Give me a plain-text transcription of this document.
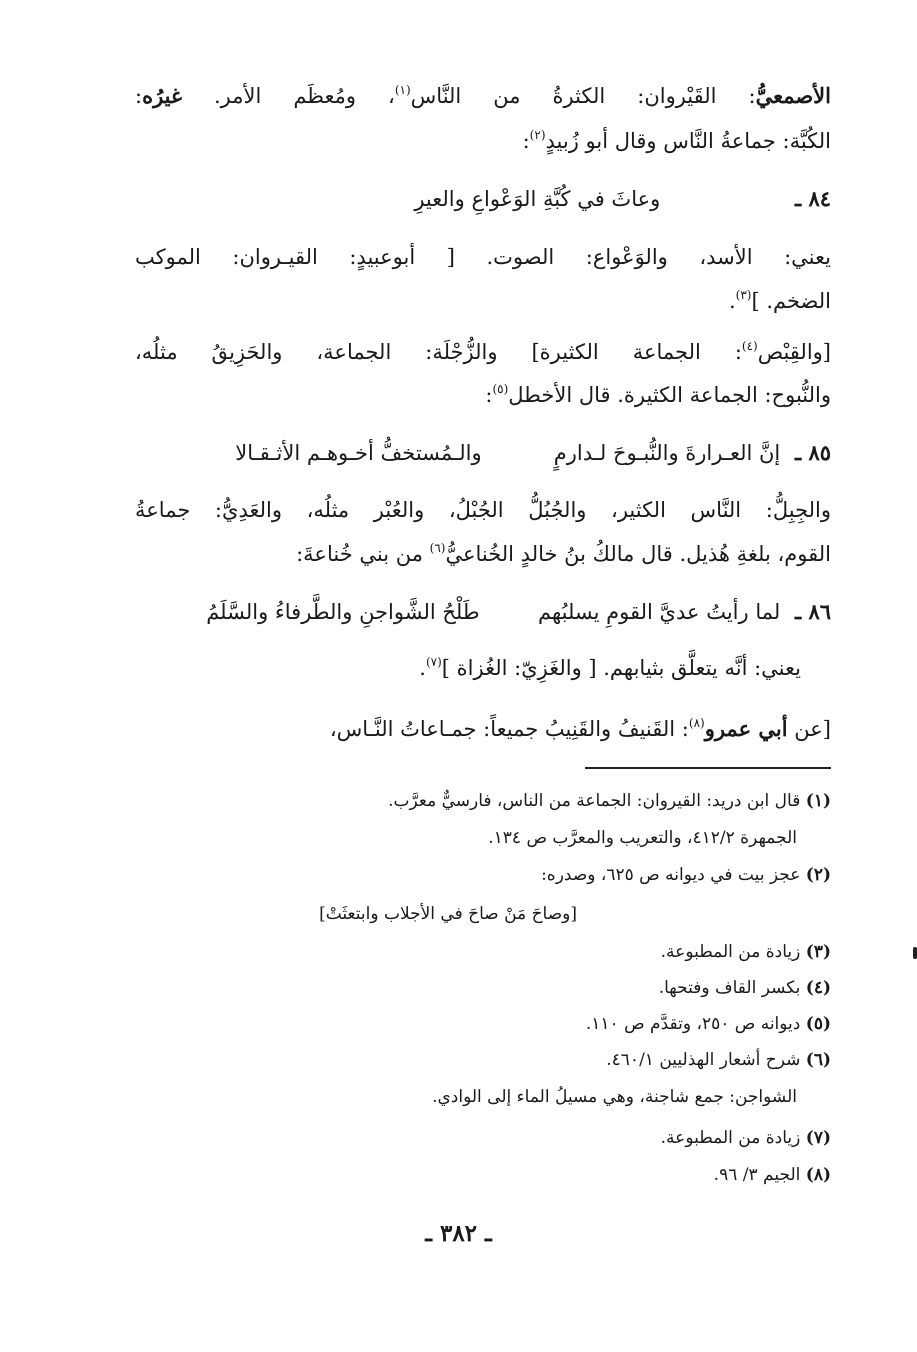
الأصمعيُّ: القَيْروان: الكثرةُ من النَّاس$^{(١)}$، ومُعظَم الأمر. غيرُه:
الكُبَّة: جماعةُ النَّاس وقال أبو زُبيدٍ$^{(٢)}$:
٨٤ ـ وعاثَ في كُبَّةِ الوَعْواعِ والعيرِ
يعني: الأسد، والوَعْواع: الصوت. [ أبوعبيدٍ: القيـروان: الموكب
الضخم. ]$^{(٣)}$.
[والقِبْص$^{(٤)}$: الجماعة الكثيرة] والزُّجْلَة: الجماعة، والحَزِيقُ مثلُه،
والنُّبوح: الجماعة الكثيرة. قال الأخطل$^{(٥)}$:
٨٥ ـ إنَّ العـرارةَ والنُّبـوحَ لـدارمٍ والـمُستخفُّ أخـوهـم الأثـقـالا
والجِبِلُّ: النَّاس الكثير، والجُبُلُّ الجُبْلُ، والعُبْر مثلُه، والعَدِيُّ: جماعةُ
القوم، بلغةِ هُذيل. قال مالكُ بنُ خالدٍ الخُناعيُّ$^{(٦)}$ من بني خُناعةَ:
٨٦ ـ لما رأيتُ عديَّ القومِ يسلبُهم طَلْحُ الشَّواجنِ والطَّرفاءُ والسَّلَمُ
يعني: أنَّه يتعلَّق بثيابهم. [ والغَزِيّ: الغُزاة ]$^{(٧)}$.
[عن أبي عمرو$^{(٨)}$: القَنيفُ والقَنِيبُ جميعاً: جمـاعاتُ النَّـاس،
(١) قال ابن دريد: القيروان: الجماعة من الناس، فارسيٌّ معرَّب.
الجمهرة ٤١٢/٢، والتعريب والمعرَّب ص ١٣٤.
(٢) عجز بيت في ديوانه ص ٦٢٥، وصدره:
[وصاحَ مَنْ صاحَ في الأجلاب وابتعثَتْ]
(٣) زيادة من المطبوعة.
(٤) بكسر القاف وفتحها.
(٥) ديوانه ص ٢٥٠، وتقدَّم ص ١١٠.
(٦) شرح أشعار الهذليين ٤٦٠/١.
الشواجن: جمع شاجنة، وهي مسيلُ الماء إلى الوادي.
(٧) زيادة من المطبوعة.
(٨) الجيم ٣/ ٩٦.
ـ ٣٨٢ ـ
